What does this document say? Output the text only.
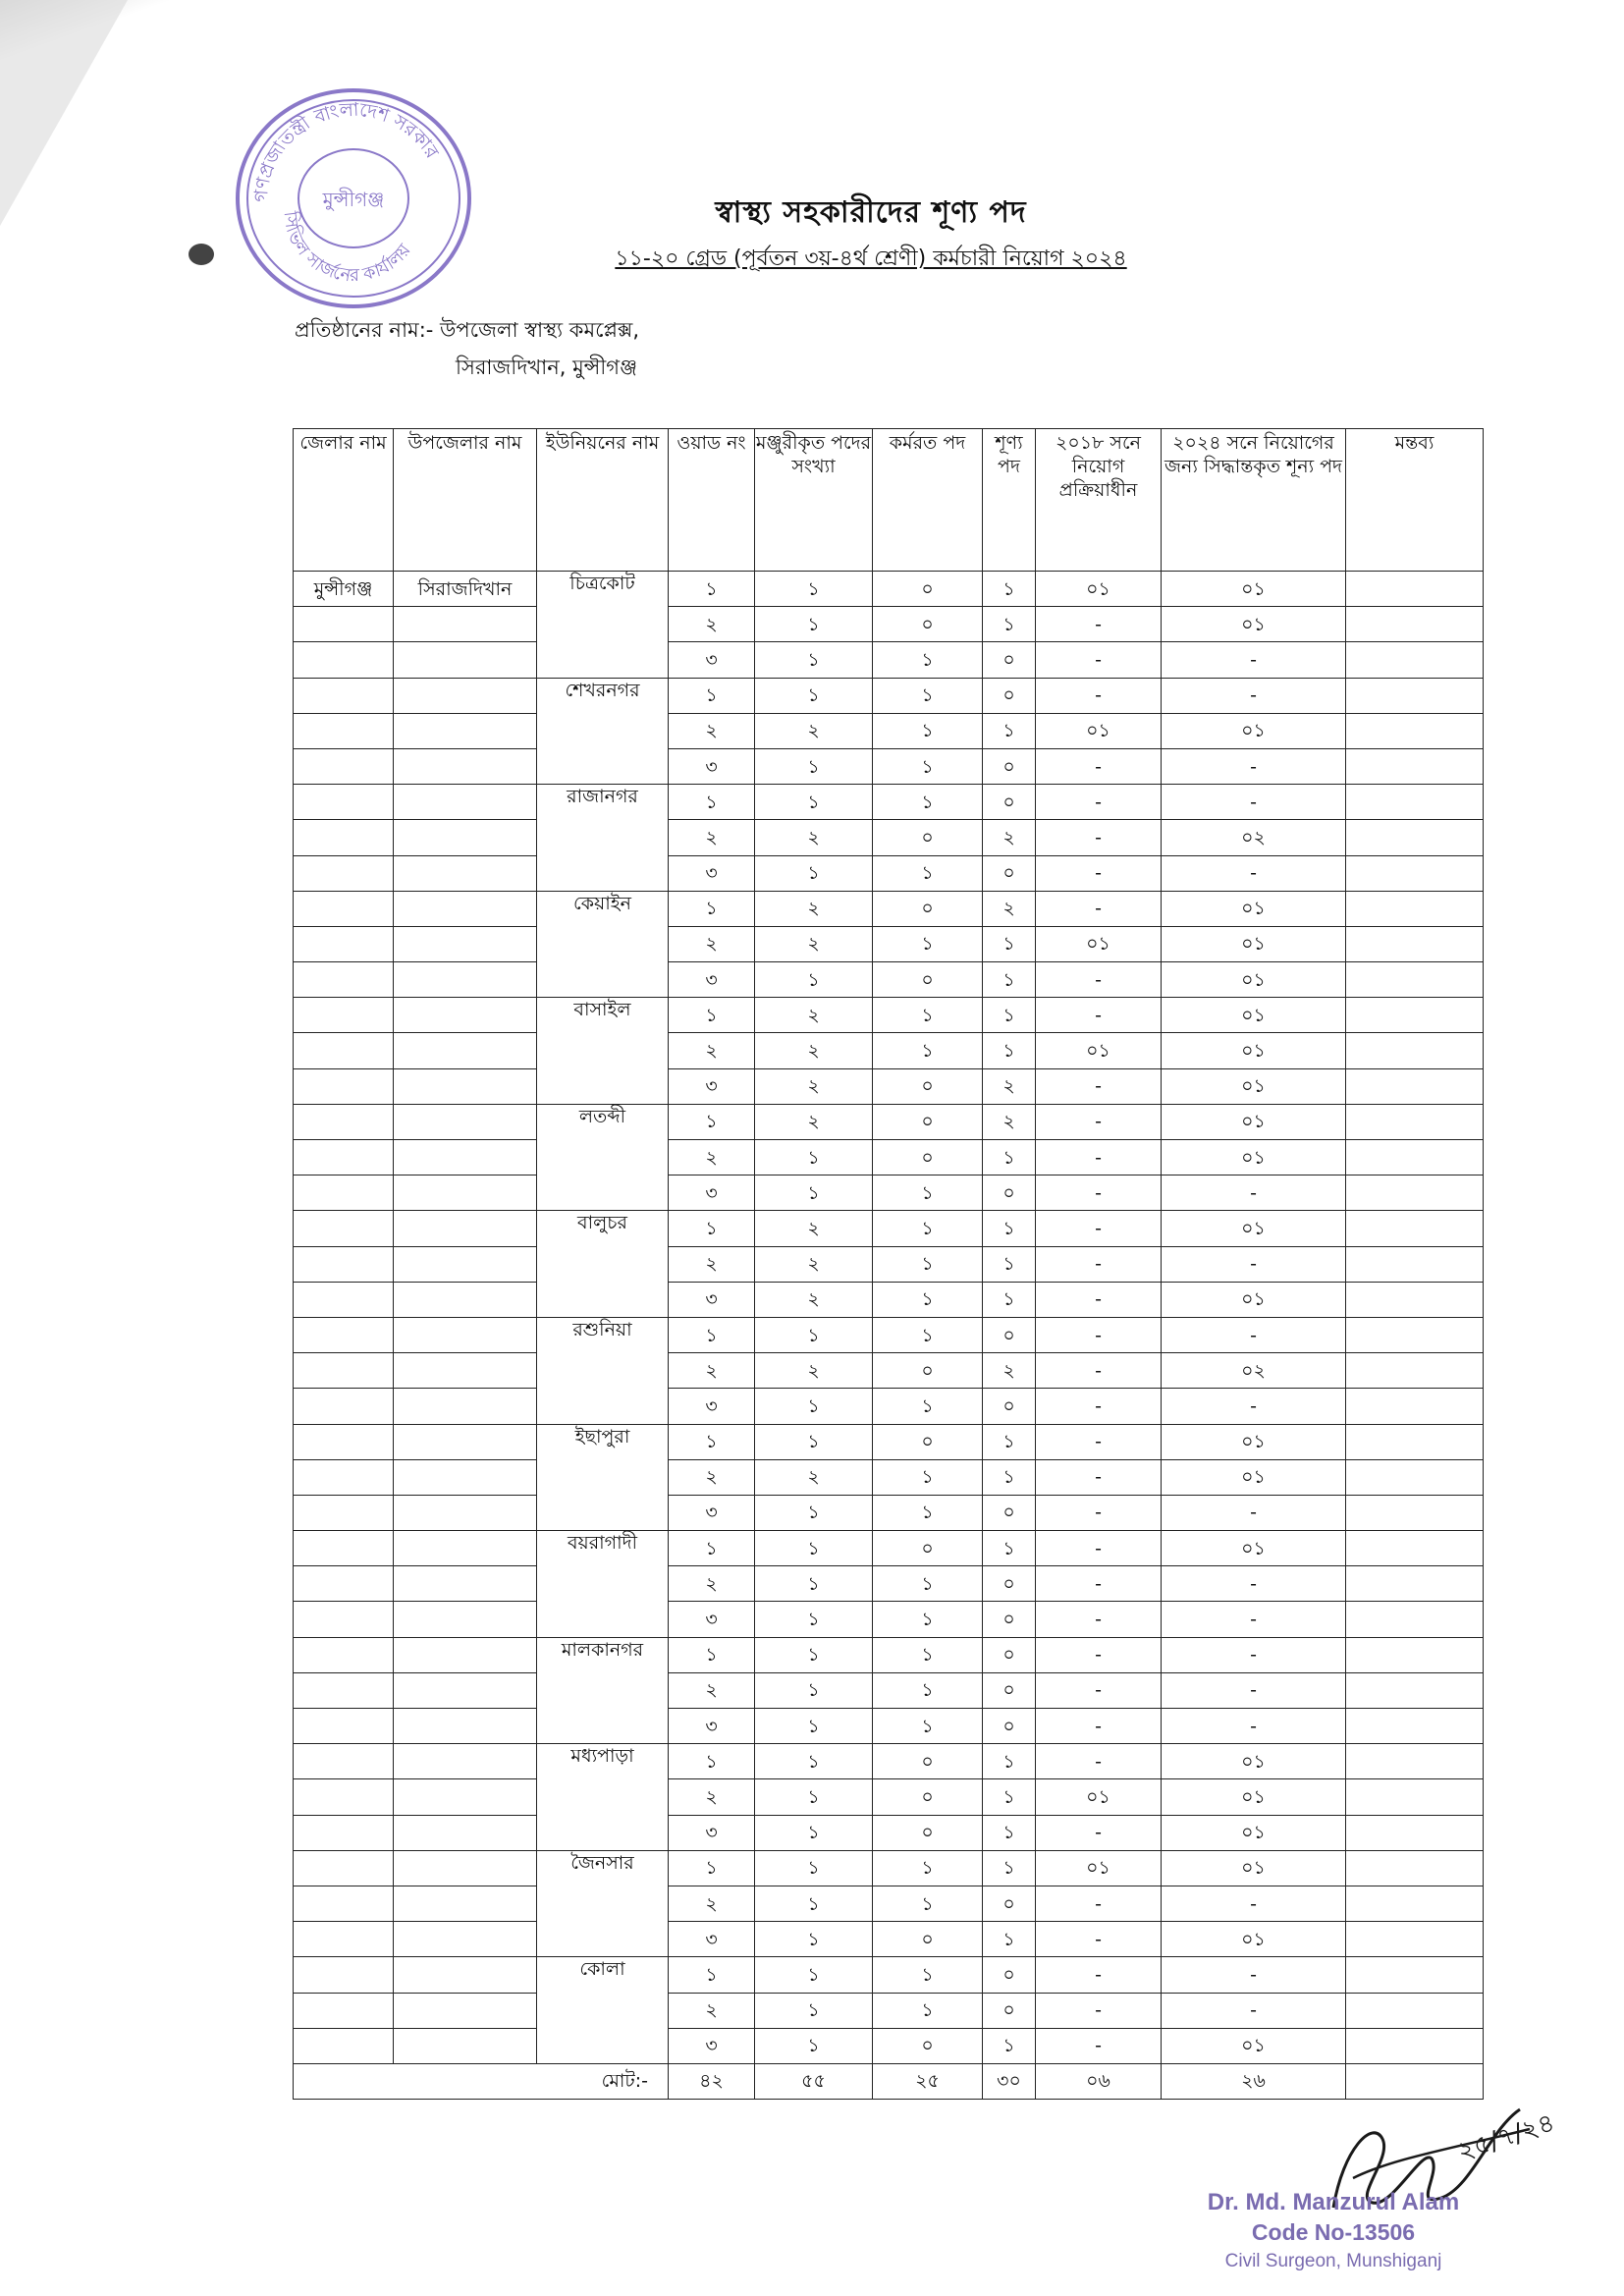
গণপ্রজাতন্ত্রী বাংলাদেশ সরকার
সিভিল সার্জনের কার্যালয়
মুন্সীগঞ্জ	স্বাস্থ্য সহকারীদের শূণ্য পদ
১১-২০ গ্রেড (পূর্বতন ৩য়-৪র্থ শ্রেণী) কর্মচারী নিয়োগ ২০২৪
প্রতিষ্ঠানের নাম:- উপজেলা স্বাস্থ্য কমপ্লেক্স,
সিরাজদিখান, মুন্সীগঞ্জ
জেলার নাম	উপজেলার নাম	ইউনিয়নের নাম	ওয়াড নং	মঞ্জুরীকৃত পদের সংখ্যা	কর্মরত পদ	শূণ্য পদ	২০১৮ সনে নিয়োগ প্রক্রিয়াধীন	২০২৪ সনে নিয়োগের জন্য সিদ্ধান্তকৃত শূন্য পদ	মন্তব্য
মুন্সীগঞ্জ	সিরাজদিখান	চিত্রকোট	১	১	০	১	০১	০১	
			২	১	০	১	-	০১	
			৩	১	১	০	-	-	
		শেখরনগর	১	১	১	০	-	-	
			২	২	১	১	০১	০১	
			৩	১	১	০	-	-	
		রাজানগর	১	১	১	০	-	-	
			২	২	০	২	-	০২	
			৩	১	১	০	-	-	
		কেয়াইন	১	২	০	২	-	০১	
			২	২	১	১	০১	০১	
			৩	১	০	১	-	০১	
		বাসাইল	১	২	১	১	-	০১	
			২	২	১	১	০১	০১	
			৩	২	০	২	-	০১	
		লতব্দী	১	২	০	২	-	০১	
			২	১	০	১	-	০১	
			৩	১	১	০	-	-	
		বালুচর	১	২	১	১	-	০১	
			২	২	১	১	-	-	
			৩	২	১	১	-	০১	
		রশুনিয়া	১	১	১	০	-	-	
			২	২	০	২	-	০২	
			৩	১	১	০	-	-	
		ইছাপুরা	১	১	০	১	-	০১	
			২	২	১	১	-	০১	
			৩	১	১	০	-	-	
		বয়রাগাদী	১	১	০	১	-	০১	
			২	১	১	০	-	-	
			৩	১	১	০	-	-	
		মালকানগর	১	১	১	০	-	-	
			২	১	১	০	-	-	
			৩	১	১	০	-	-	
		মধ্যপাড়া	১	১	০	১	-	০১	
			২	১	০	১	০১	০১	
			৩	১	০	১	-	০১	
		জৈনসার	১	১	১	১	০১	০১	
			২	১	১	০	-	-	
			৩	১	০	১	-	০১	
		কোলা	১	১	১	০	-	-	
			২	১	১	০	-	-	
			৩	১	০	১	-	০১	
মোট:-			৪২	৫৫	২৫	৩০	০৬	২৬	
২৫/৭/২৪
Dr. Md. Manzurul Alam
Code No-13506
Civil Surgeon, Munshiganj
